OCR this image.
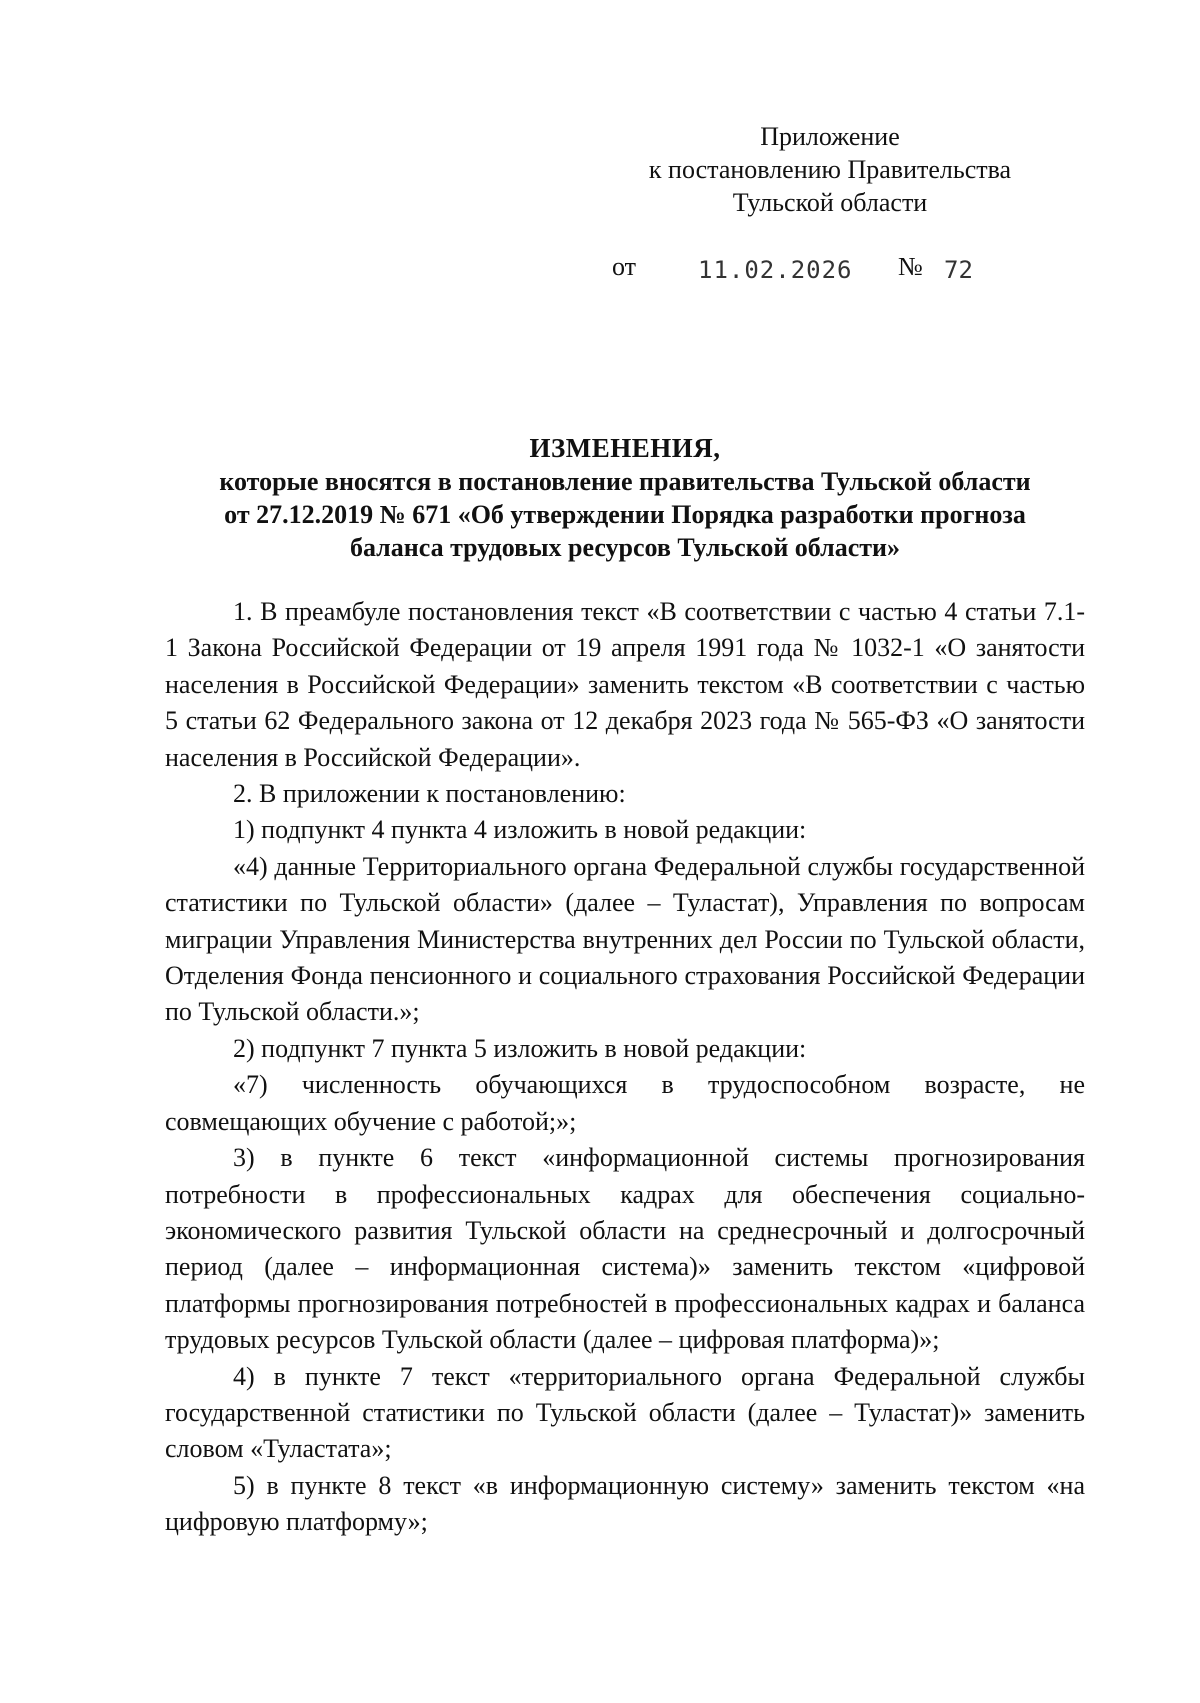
Приложение
к постановлению Правительства
Тульской области
от	11.02.2026 № 72
ИЗМЕНЕНИЯ,
которые вносятся в постановление правительства Тульской области
от 27.12.2019 № 671 «Об утверждении Порядка разработки прогноза
баланса трудовых ресурсов Тульской области»

1. В преамбуле постановления текст «В соответствии с частью 4 статьи 7.1-1 Закона Российской Федерации от 19 апреля 1991 года № 1032-1 «О занятости населения в Российской Федерации» заменить текстом «В соответствии с частью 5 статьи 62 Федерального закона от 12 декабря 2023 года № 565-ФЗ «О занятости населения в Российской Федерации».

2. В приложении к постановлению:

1) подпункт 4 пункта 4 изложить в новой редакции:

«4) данные Территориального органа Федеральной службы государственной статистики по Тульской области» (далее – Туластат), Управления по вопросам миграции Управления Министерства внутренних дел России по Тульской области, Отделения Фонда пенсионного и социального страхования Российской Федерации по Тульской области.»;

2) подпункт 7 пункта 5 изложить в новой редакции:

«7) численность обучающихся в трудоспособном возрасте, не совмещающих обучение с работой;»;

3) в пункте 6 текст «информационной системы прогнозирования потребности в профессиональных кадрах для обеспечения социально-экономического развития Тульской области на среднесрочный и долгосрочный период (далее – информационная система)» заменить текстом «цифровой платформы прогнозирования потребностей в профессиональных кадрах и баланса трудовых ресурсов Тульской области (далее – цифровая платформа)»;

4) в пункте 7 текст «территориального органа Федеральной службы государственной статистики по Тульской области (далее – Туластат)» заменить словом «Туластата»;

5) в пункте 8 текст «в информационную систему» заменить текстом «на цифровую платформу»;
